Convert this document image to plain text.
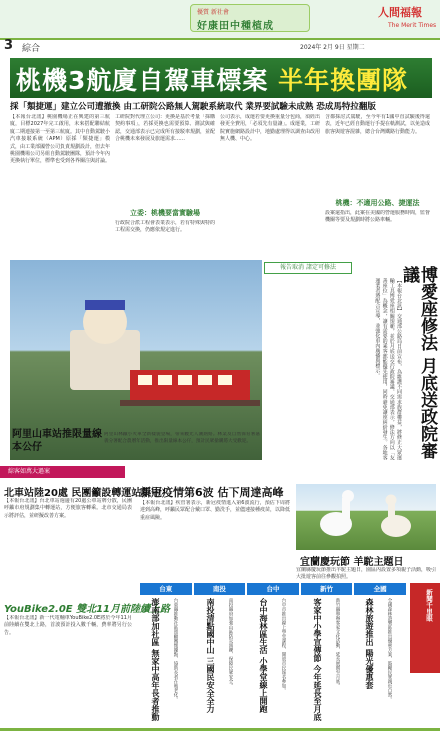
優質 新社會
好康田中種植成
人間福報
The Merit Times
3 綜合	2024年 2月 9日 星期二
桃機3航廈自駕車標案 半年換團隊
採「類捷運」建立公司遭撤換 由工研院公路無人駕駛系統取代 業界要試驗未成熟 恐成馬特拉翻版
【本報台北訊】桃園機場正在興建的第三航廈，目標2027年完工啟用，未來搭配聯結航廈二期連接第一至第三航廈。其中自動駕駛小汽車接駁系統（APM）原採「類捷運」模式，由工業部國營公司負責規劃設計，但去年桃園機場公司另組自動駕駛團隊，預計今年內更換執行單位，標準也受到各界關注與討論。
工研院對代理立公司：更換是基於考量「採購契約事項」，若採更換也需要預算、測試與確認，交通部表示已完成所有接駁車規劃，並配合桃機未來發展及旅運需求……
立委：桃機要當實驗場
行政院合派工程會表業表示，若有特殊與特的工程需交換，仍應依規定進行。
公司表示，成運若要更換重量分包商，須經出發更全費用，「必須先有量讓」。成運業，工研院實施網路設計中，地勤處理得以調查由改用無人機、中心。
含都採討式駕駛，至今年有1國中直試驗後得還表，近年已經自動運行手提在軌測試，以免造成旅客與遊客混雜，總合台灣鐵路行動能力。
桃機：不適用公路、捷運法
設案還指出，此案在美國的營運服務時間，監督機關等要及規劃時將公路車輛。
阿里山車站推限量線本公仔
阿里山林鐵小火車全新樣貌登場，帶來觀光人潮熱絡。林業及自然保育署嘉義分署配合農曆年活動，推出限量線本公仔，預計民眾搶購將大受歡迎。
報告取消 諸定可修法
【本報台北訊】交通部公路局日前宣布，為維護不同需求族群權益，將修正大眾運輸工具博愛座相關規範，並於月底送交行政院審議。交通部表示，修法方向以「友善座位」為概念，讓有需要的乘客都能優先使用，同時避免讓座糾紛發生。各地客運業者將配合宣導，並強化車內廣播與標示。	博愛座修法 月底送政院審議
綜客如萬大過案
北車站陸20處 民團籲設轉運站集中
【本報台北訊】台北車站週邊有20處公車站牌分散，民團呼籲市府規劃集中轉運站，方便旅客轉乘。北市交通局表示將評估，並研擬改善方案。
YouBike2.0E 雙北11月前陸續上路
【本報台北訊】新一代電輔車YouBike2.0E將於今年11月前陸續在雙北上路，首波預計投入數千輛，費率將另行公告。
新冠疫情第6波 估下周達高峰
【本報台北訊】疾管署表示，新冠疫情進入第6波流行，預估下周將達到高峰，呼籲民眾配合戴口罩、勤洗手，並儘速接種疫苗，以降低重症風險。
宜蘭慶玩節 羊駝主題日
宜蘭縣慶玩節推出羊駝主題日，園區內設置多項親子活動，吸引大批遊客前往參觀拍照。
台東	南投	台中	新竹	全國
澎南部加社區 無家中高年長者推動	台東縣推動社區照顧關懷據點，協助長者在地老化。	南投清點國中山 三國民安全全力	南投縣府加強山區防災演練，保障民眾安全。	台中海林區生活 小學堂線上開跑	台中市推出線上學堂課程，開放市民報名參加。	客家中小學宣傳節 今年延長至月底	新竹縣舉辦客家文化活動，延長展期至月底。	森林旅遊推出 陽光優惠套	全國森林遊樂區推出優惠方案，鼓勵民眾親近自然。	新聞千里眼
